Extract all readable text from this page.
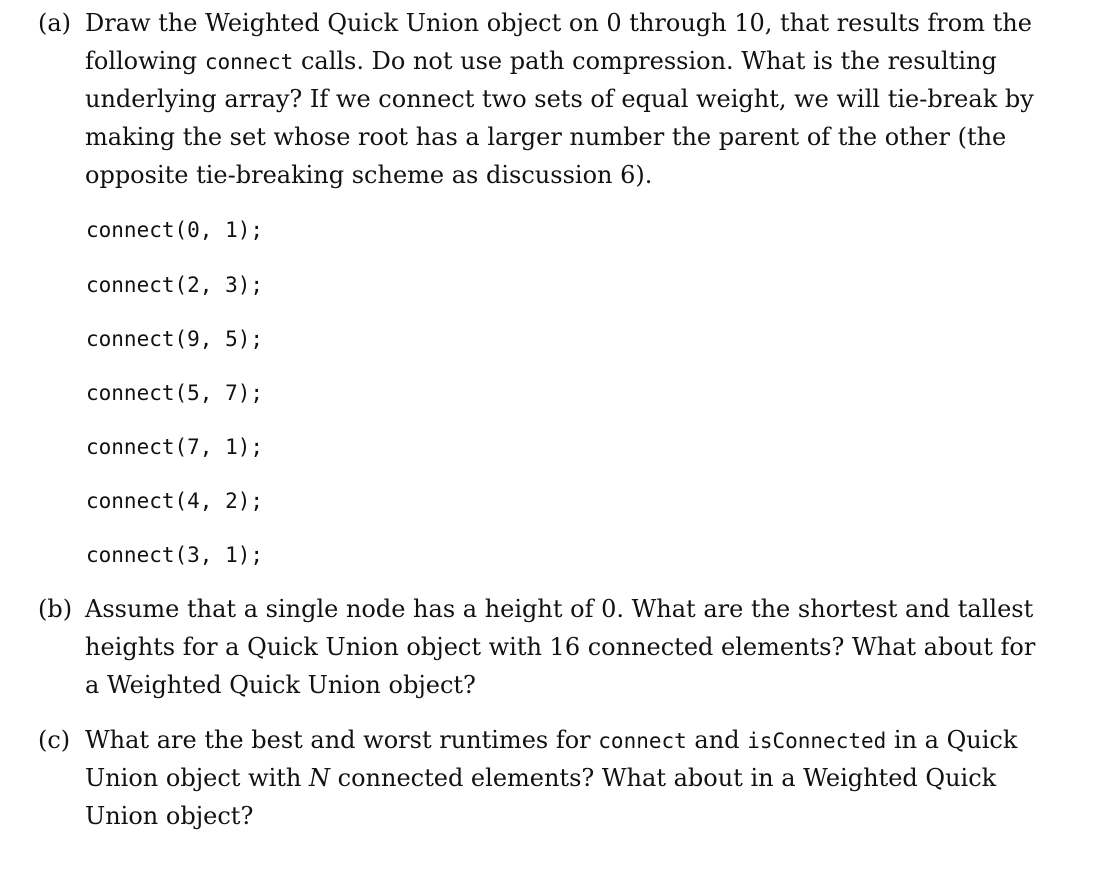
(a) Draw the Weighted Quick Union object on 0 through 10, that results from the
following connect calls. Do not use path compression. What is the resulting
underlying array? If we connect two sets of equal weight, we will tie-break by
making the set whose root has a larger number the parent of the other (the
opposite tie-breaking scheme as discussion 6).
connect(0, 1);
connect(2, 3);
connect(9, 5);
connect(5, 7);
connect(7, 1);
connect(4, 2);
connect(3, 1);
(b) Assume that a single node has a height of 0. What are the shortest and tallest
heights for a Quick Union object with 16 connected elements? What about for
a Weighted Quick Union object?
(c) What are the best and worst runtimes for connect and isConnected in a Quick
Union object with N connected elements? What about in a Weighted Quick
Union object?
